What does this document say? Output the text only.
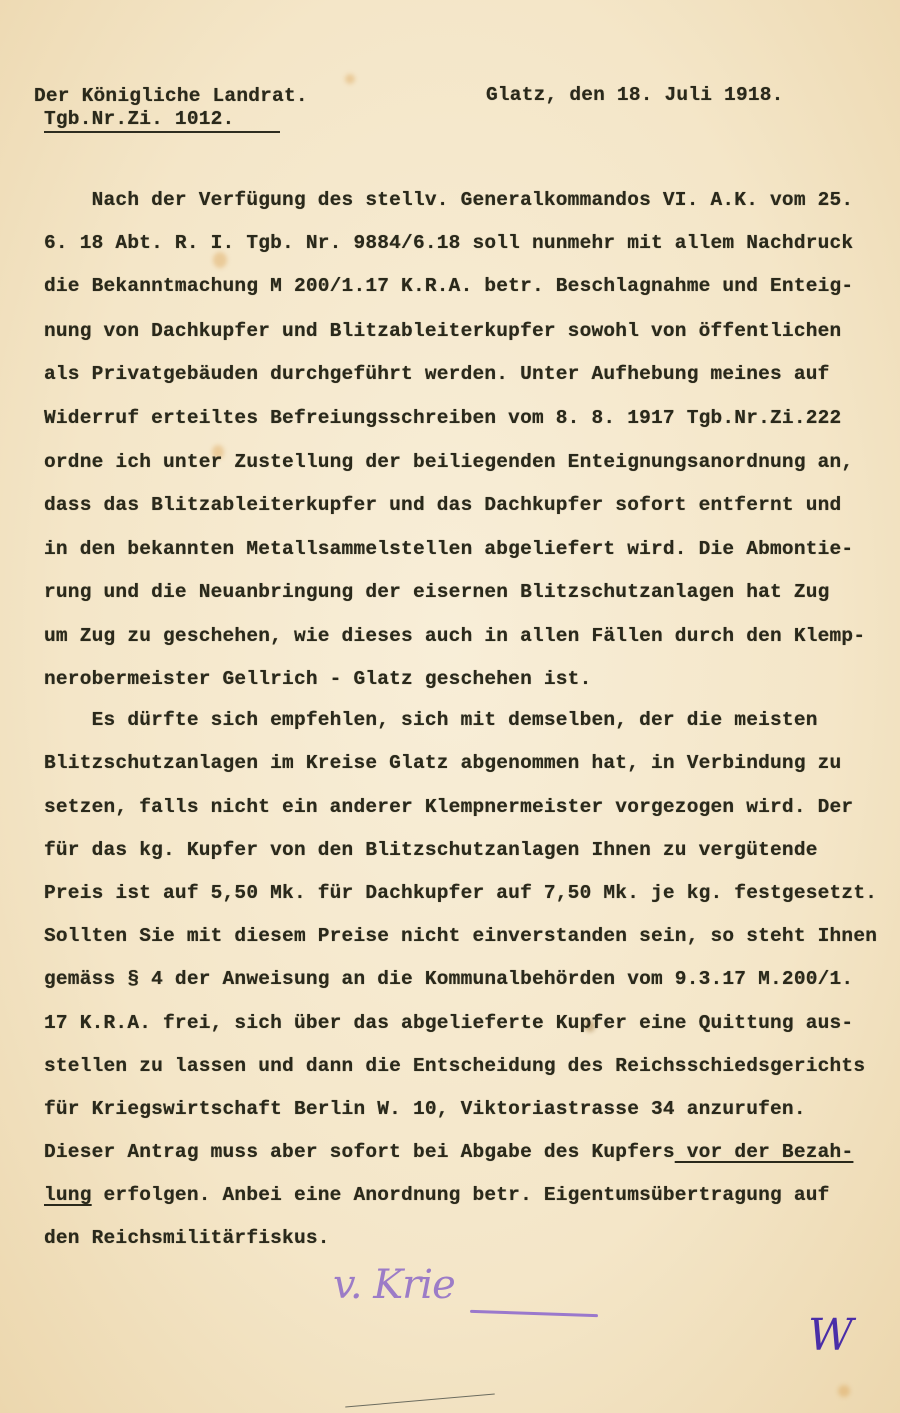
Der Königliche Landrat.
Tgb.Nr.Zi. 1012.
Glatz, den 18. Juli 1918.
Nach der Verfügung des stellv. Generalkommandos VI. A.K. vom 25.
6. 18 Abt. R. I. Tgb. Nr. 9884/6.18 soll nunmehr mit allem Nachdruck
die Bekanntmachung M 200/1.17 K.R.A. betr. Beschlagnahme und Enteig-
nung von Dachkupfer und Blitzableiterkupfer sowohl von öffentlichen
als Privatgebäuden durchgeführt werden. Unter Aufhebung meines auf
Widerruf erteiltes Befreiungsschreiben vom 8. 8. 1917 Tgb.Nr.Zi.222
ordne ich unter Zustellung der beiliegenden Enteignungsanordnung an,
dass das Blitzableiterkupfer und das Dachkupfer sofort entfernt und
in den bekannten Metallsammelstellen abgeliefert wird. Die Abmontie-
rung und die Neuanbringung der eisernen Blitzschutzanlagen hat Zug
um Zug zu geschehen, wie dieses auch in allen Fällen durch den Klemp-
nerobermeister Gellrich - Glatz geschehen ist.
Es dürfte sich empfehlen, sich mit demselben, der die meisten
Blitzschutzanlagen im Kreise Glatz abgenommen hat, in Verbindung zu
setzen, falls nicht ein anderer Klempnermeister vorgezogen wird. Der
für das kg. Kupfer von den Blitzschutzanlagen Ihnen zu vergütende
Preis ist auf 5,50 Mk. für Dachkupfer auf 7,50 Mk. je kg. festgesetzt.
Sollten Sie mit diesem Preise nicht einverstanden sein, so steht Ihnen
gemäss § 4 der Anweisung an die Kommunalbehörden vom 9.3.17 M.200/1.
17 K.R.A. frei, sich über das abgelieferte Kupfer eine Quittung aus-
stellen zu lassen und dann die Entscheidung des Reichsschiedsgerichts
für Kriegswirtschaft Berlin W. 10, Viktoriastrasse 34 anzurufen.
Dieser Antrag muss aber sofort bei Abgabe des Kupfers vor der Bezah-
lung erfolgen. Anbei eine Anordnung betr. Eigentumsübertragung auf
den Reichsmilitärfiskus.
v. Krie
W
